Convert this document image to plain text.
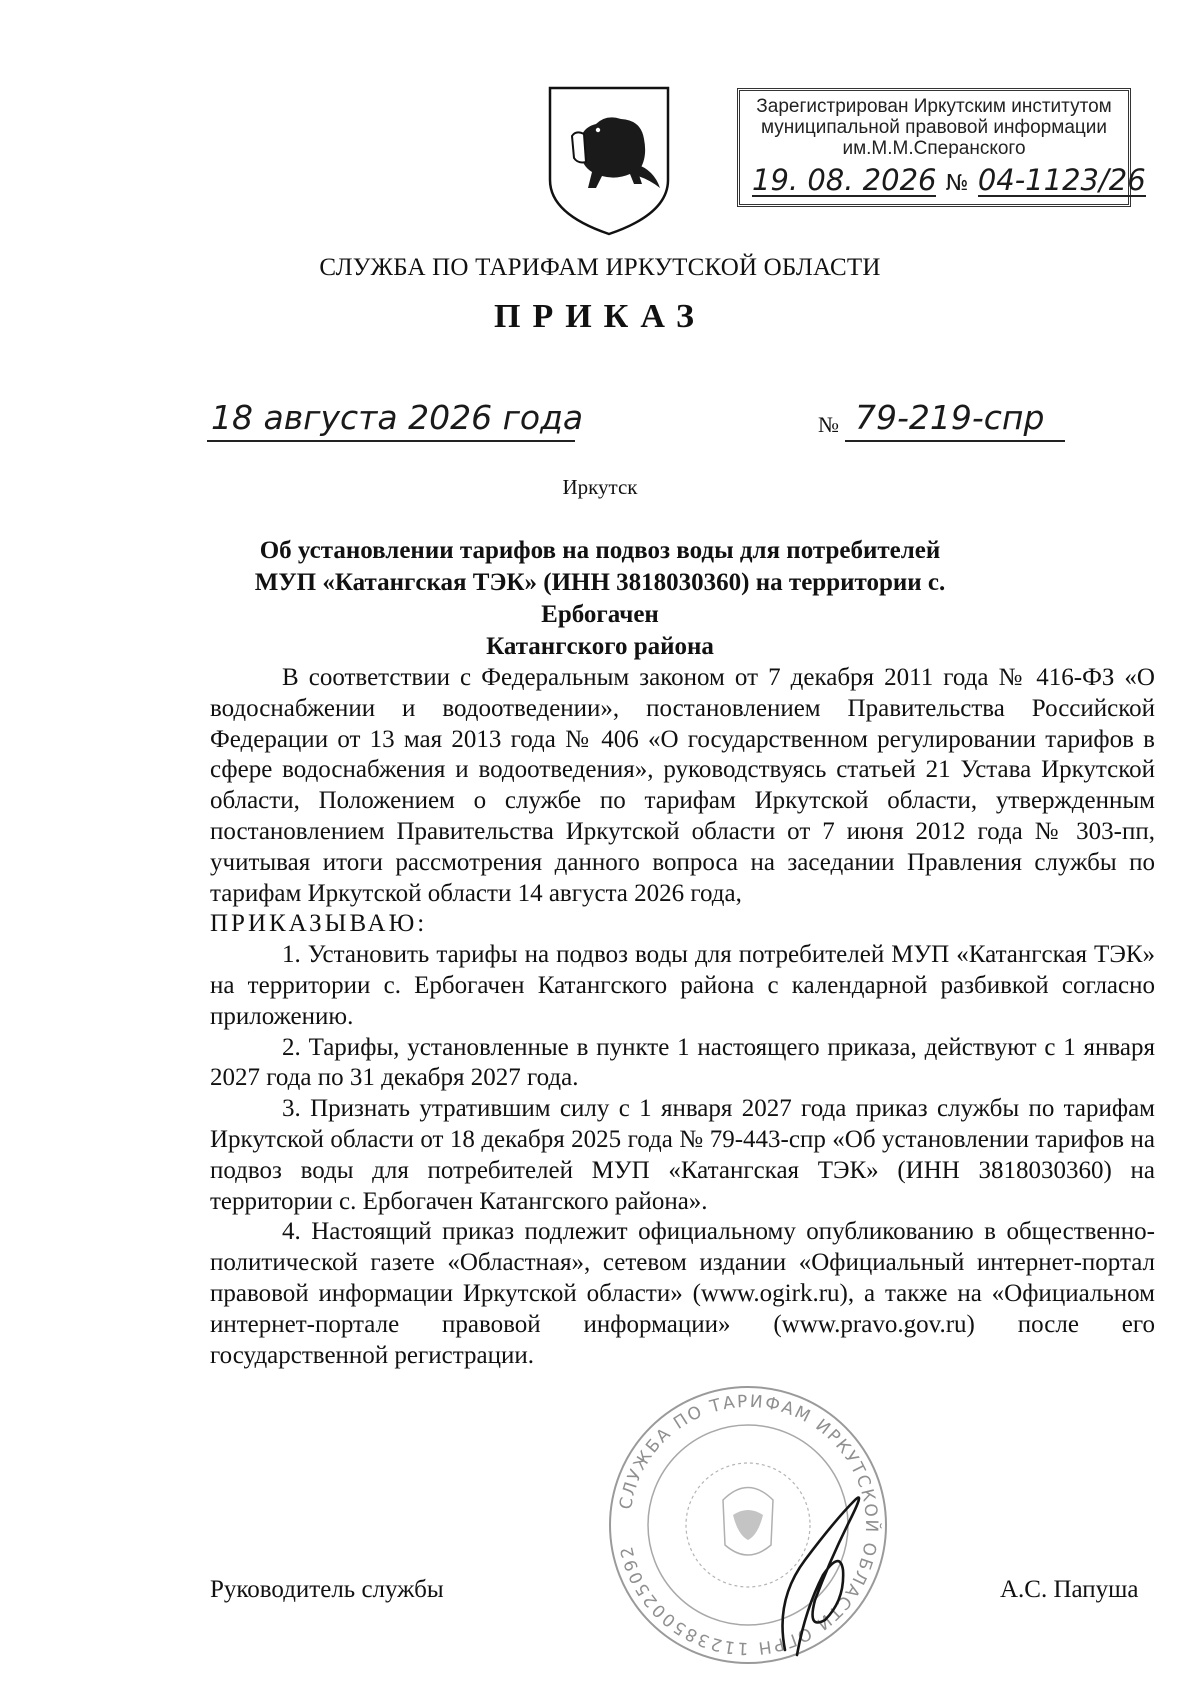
Зарегистрирован Иркутским институтом
муниципальной правовой информации
им.М.М.Сперанского
19. 08. 2026 № 04-1123/26
СЛУЖБА ПО ТАРИФАМ ИРКУТСКОЙ ОБЛАСТИ
ПРИКАЗ
18 августа 2026 года	№ 79-219-спр
Иркутск
Об установлении тарифов на подвоз воды для потребителей
МУП «Катангская ТЭК» (ИНН 3818030360) на территории с. Ербогачен
Катангского района

В соответствии с Федеральным законом от 7 декабря 2011 года № 416-ФЗ «О водоснабжении и водоотведении», постановлением Правительства Российской Федерации от 13 мая 2013 года № 406 «О государственном регулировании тарифов в сфере водоснабжения и водоотведения», руководствуясь статьей 21 Устава Иркутской области, Положением о службе по тарифам Иркутской области, утвержденным постановлением Правительства Иркутской области от 7 июня 2012 года № 303-пп, учитывая итоги рассмотрения данного вопроса на заседании Правления службы по тарифам Иркутской области 14 августа 2026 года,

ПРИКАЗЫВАЮ:

1. Установить тарифы на подвоз воды для потребителей МУП «Катангская ТЭК» на территории с. Ербогачен Катангского района с календарной разбивкой согласно приложению.

2. Тарифы, установленные в пункте 1 настоящего приказа, действуют с 1 января 2027 года по 31 декабря 2027 года.

3. Признать утратившим силу с 1 января 2027 года приказ службы по тарифам Иркутской области от 18 декабря 2025 года № 79-443-спр «Об установлении тарифов на подвоз воды для потребителей МУП «Катангская ТЭК» (ИНН 3818030360) на территории с. Ербогачен Катангского района».

4. Настоящий приказ подлежит официальному опубликованию в общественно-политической газете «Областная», сетевом издании «Официальный интернет-портал правовой информации Иркутской области» (www.ogirk.ru), а также на «Официальном интернет-портале правовой информации» (www.pravo.gov.ru) после его государственной регистрации.

СЛУЖБА ПО ТАРИФАМ ИРКУТСКОЙ ОБЛАСТИ ОГРН 1123850025092
Руководитель службы	А.С. Папуша
